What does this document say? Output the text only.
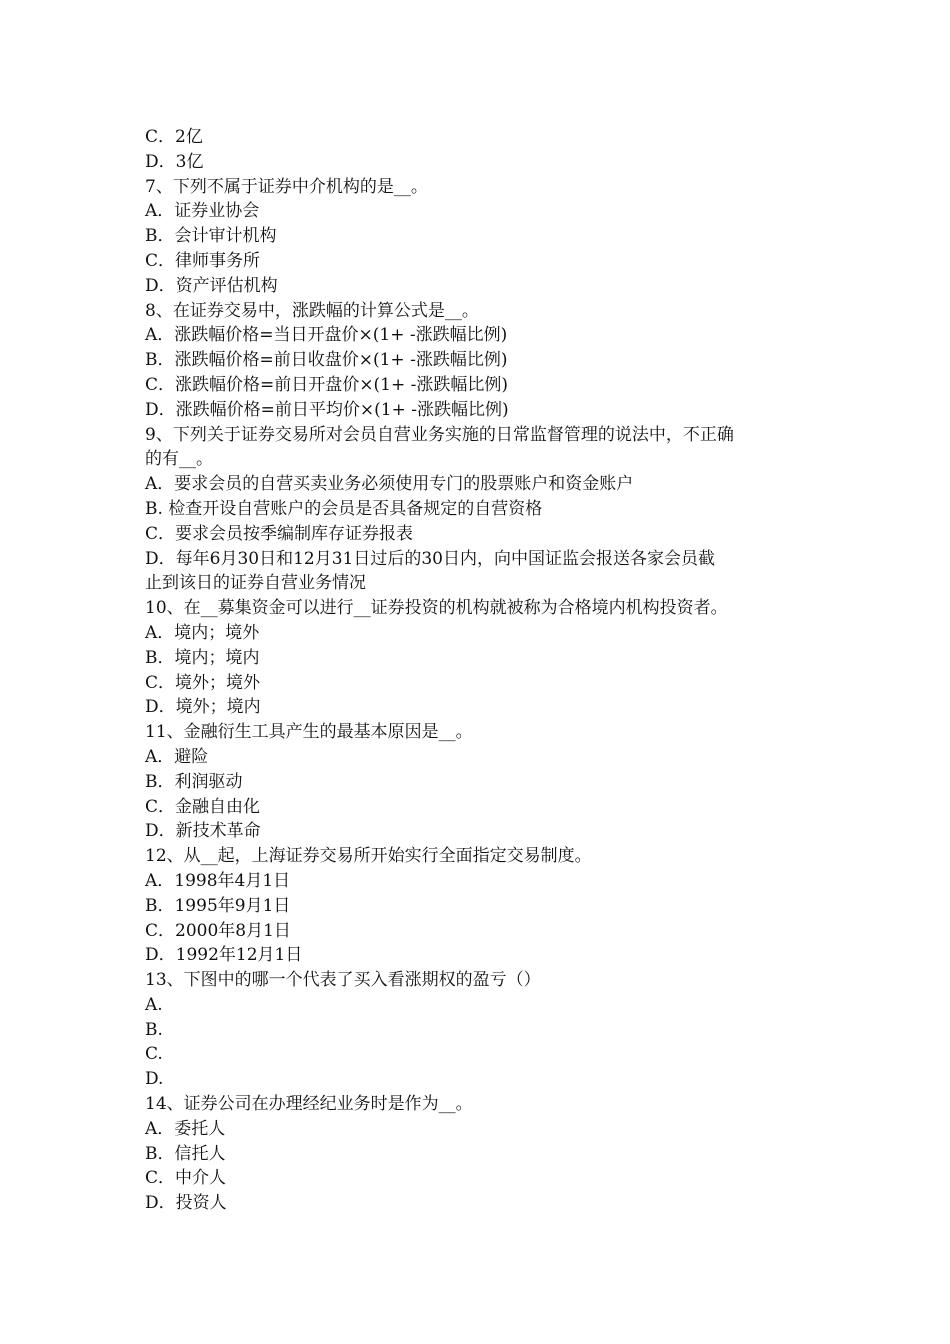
C．2亿
D．3亿
7、下列不属于证券中介机构的是__。
A．证券业协会
B．会计审计机构
C．律师事务所
D．资产评估机构
8、在证券交易中，涨跌幅的计算公式是__。
A．涨跌幅价格=当日开盘价×(1+ -涨跌幅比例)
B．涨跌幅价格=前日收盘价×(1+ -涨跌幅比例)
C．涨跌幅价格=前日开盘价×(1+ -涨跌幅比例)
D．涨跌幅价格=前日平均价×(1+ -涨跌幅比例)
9、下列关于证券交易所对会员自营业务实施的日常监督管理的说法中，不正确
的有__。
A．要求会员的自营买卖业务必须使用专门的股票账户和资金账户
B. 检查开设自营账户的会员是否具备规定的自营资格
C．要求会员按季编制库存证券报表
D．每年6月30日和12月31日过后的30日内，向中国证监会报送各家会员截
止到该日的证券自营业务情况
10、在__募集资金可以进行__证券投资的机构就被称为合格境内机构投资者。
A．境内；境外
B．境内；境内
C．境外；境外
D．境外；境内
11、金融衍生工具产生的最基本原因是__。
A．避险
B．利润驱动
C．金融自由化
D．新技术革命
12、从__起，上海证券交易所开始实行全面指定交易制度。
A．1998年4月1日
B．1995年9月1日
C．2000年8月1日
D．1992年12月1日
13、下图中的哪一个代表了买入看涨期权的盈亏（）
A.
B.
C.
D.
14、证券公司在办理经纪业务时是作为__。
A．委托人
B．信托人
C．中介人
D．投资人
